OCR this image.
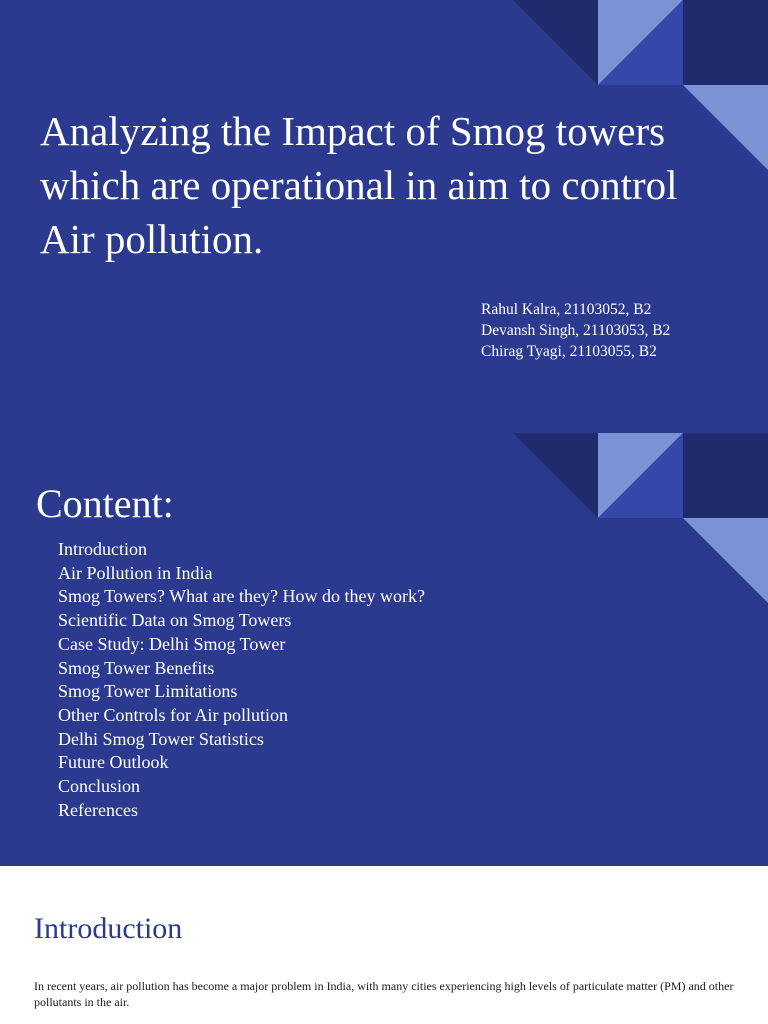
Analyzing the Impact of Smog towers which are operational in aim to control Air pollution.
Rahul Kalra, 21103052, B2
Devansh Singh, 21103053, B2
Chirag Tyagi, 21103055, B2
Content:
Introduction
Air Pollution in India
Smog Towers? What are they? How do they work?
Scientific Data on Smog Towers
Case Study: Delhi Smog Tower
Smog Tower Benefits
Smog Tower Limitations
Other Controls for Air pollution
Delhi Smog Tower Statistics
Future Outlook
Conclusion
References
Introduction

In recent years, air pollution has become a major problem in India, with many cities experiencing high levels of particulate matter (PM) and other pollutants in the air.
